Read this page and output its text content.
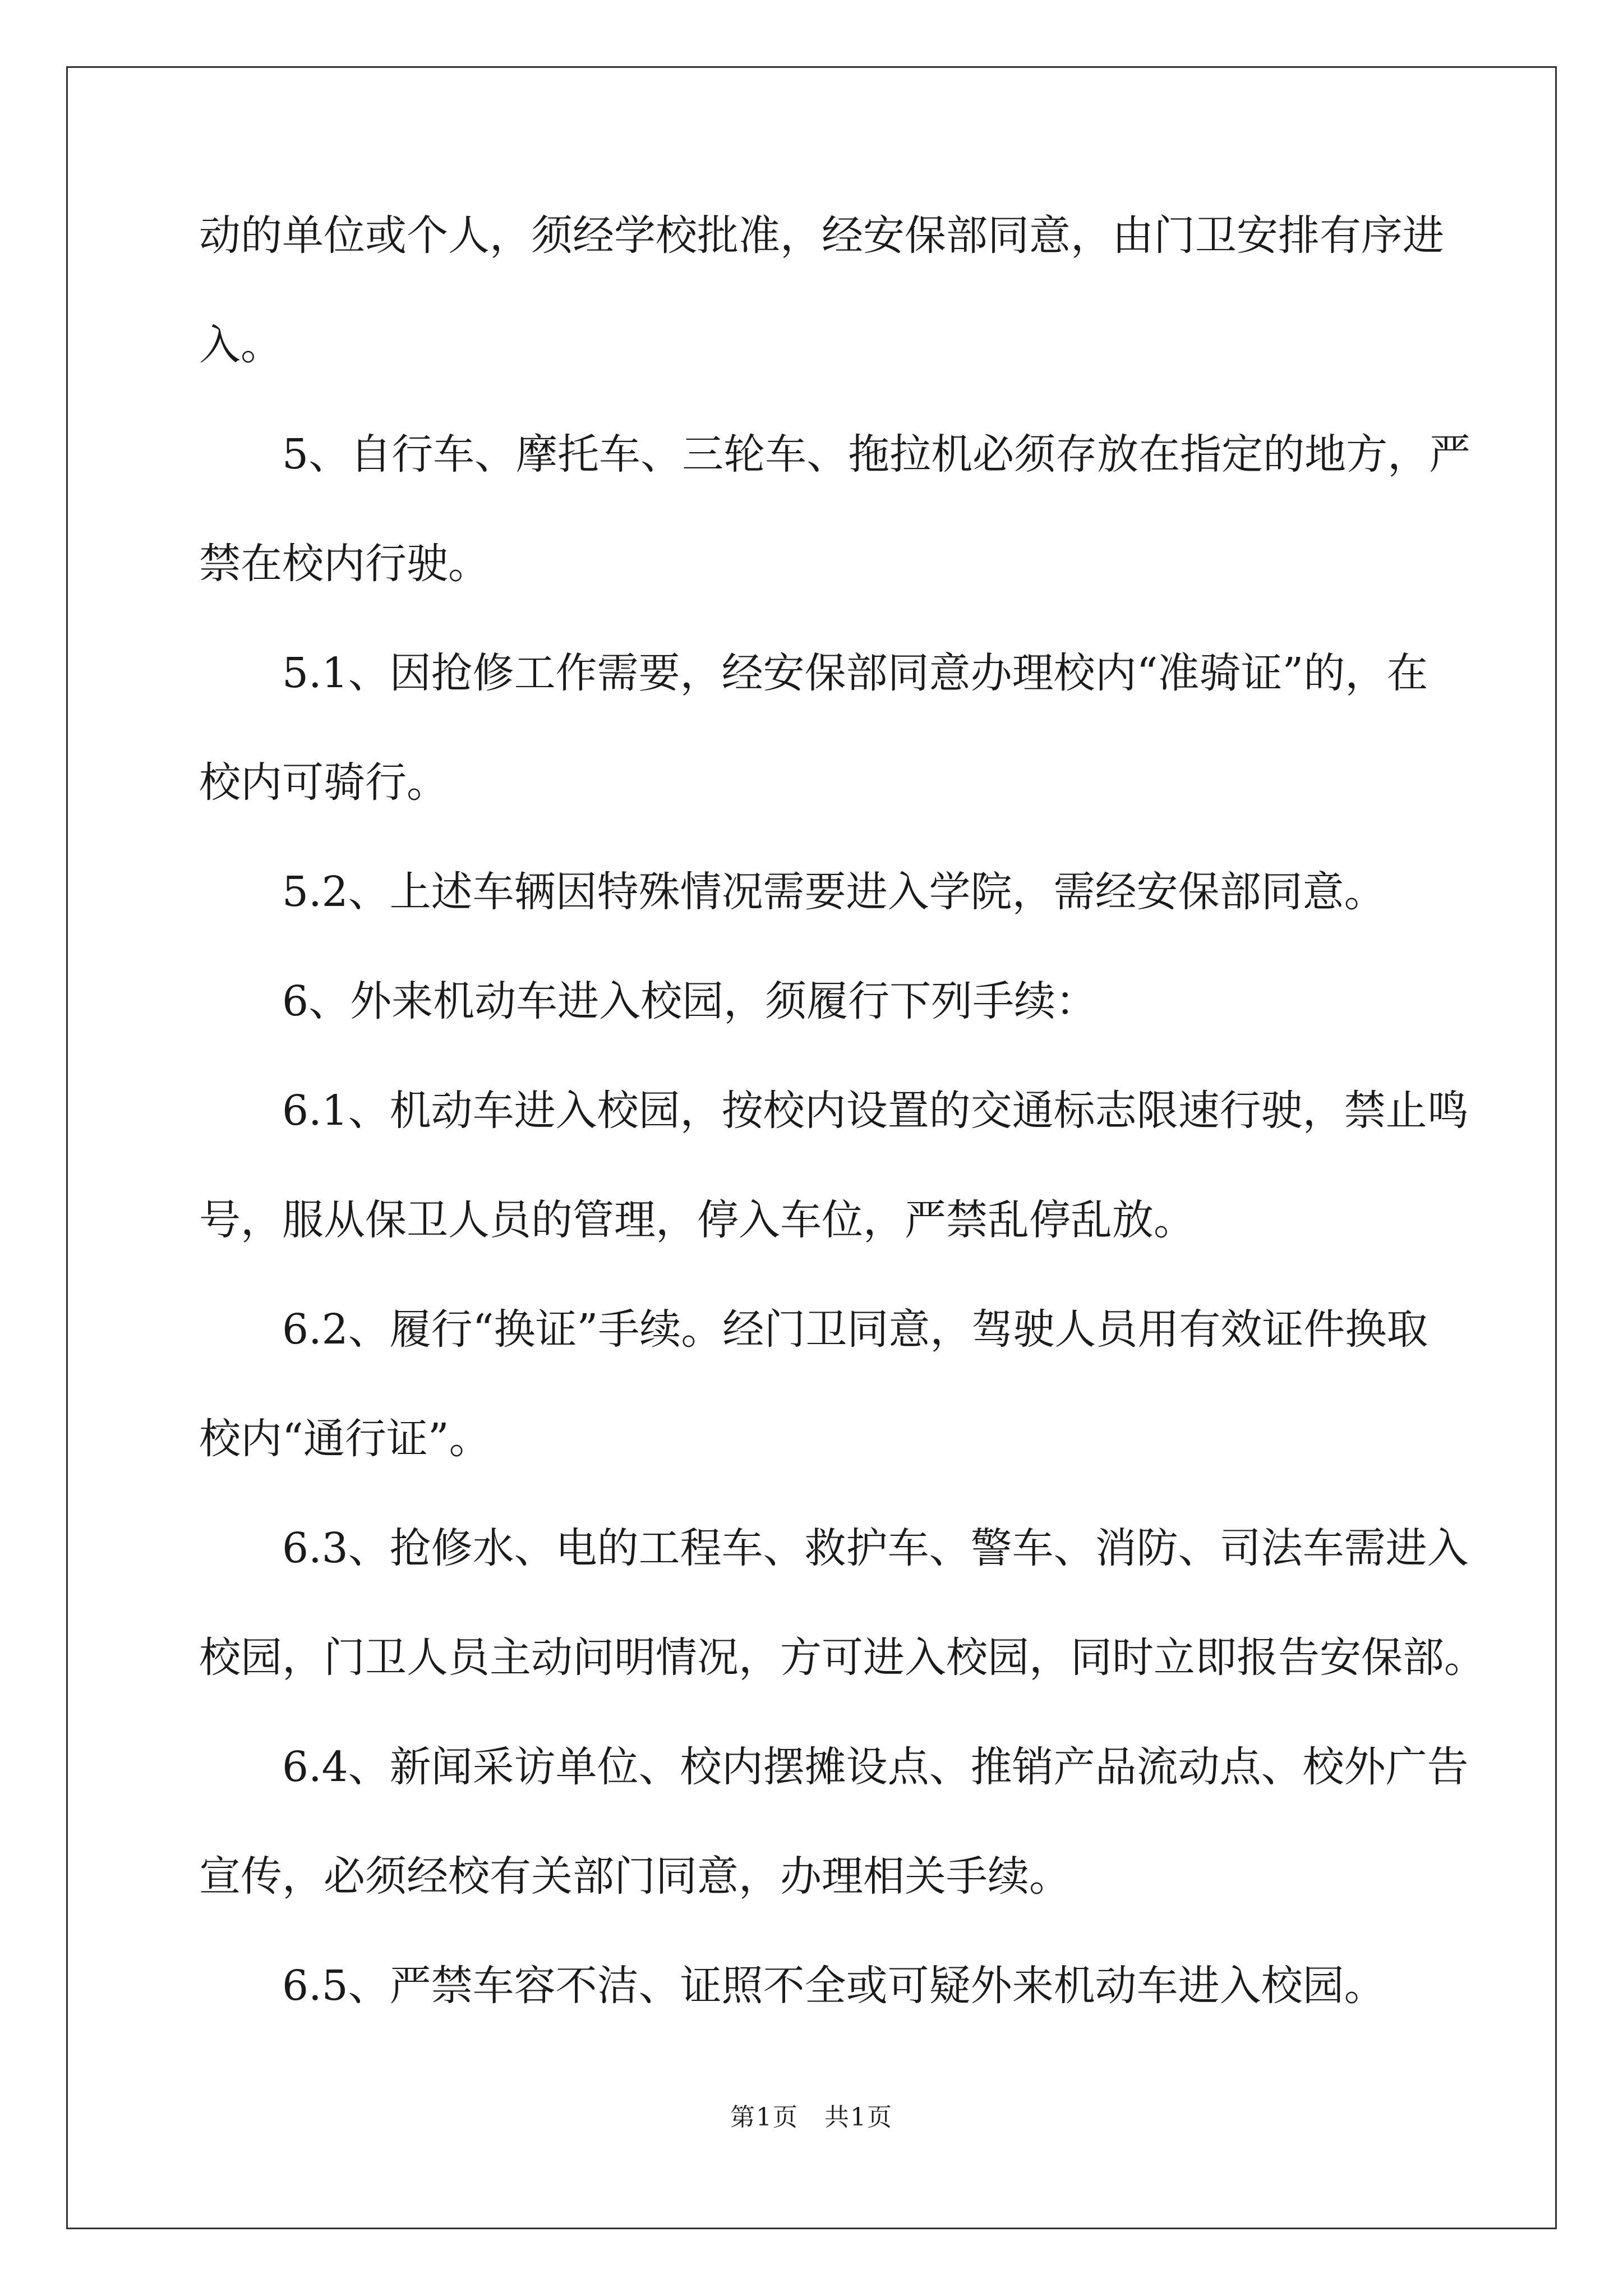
动的单位或个人，须经学校批准，经安保部同意，由门卫安排有序进
入。
　　5、自行车、摩托车、三轮车、拖拉机必须存放在指定的地方，严
禁在校内行驶。
　　5.1、因抢修工作需要，经安保部同意办理校内“准骑证”的，在
校内可骑行。
　　5.2、上述车辆因特殊情况需要进入学院，需经安保部同意。
　　6、外来机动车进入校园，须履行下列手续：
　　6.1、机动车进入校园，按校内设置的交通标志限速行驶，禁止鸣
号，服从保卫人员的管理，停入车位，严禁乱停乱放。
　　6.2、履行“换证”手续。经门卫同意，驾驶人员用有效证件换取
校内“通行证”。
　　6.3、抢修水、电的工程车、救护车、警车、消防、司法车需进入
校园，门卫人员主动问明情况，方可进入校园，同时立即报告安保部。
　　6.4、新闻采访单位、校内摆摊设点、推销产品流动点、校外广告
宣传，必须经校有关部门同意，办理相关手续。
　　6.5、严禁车容不洁、证照不全或可疑外来机动车进入校园。
第1页　共1页
